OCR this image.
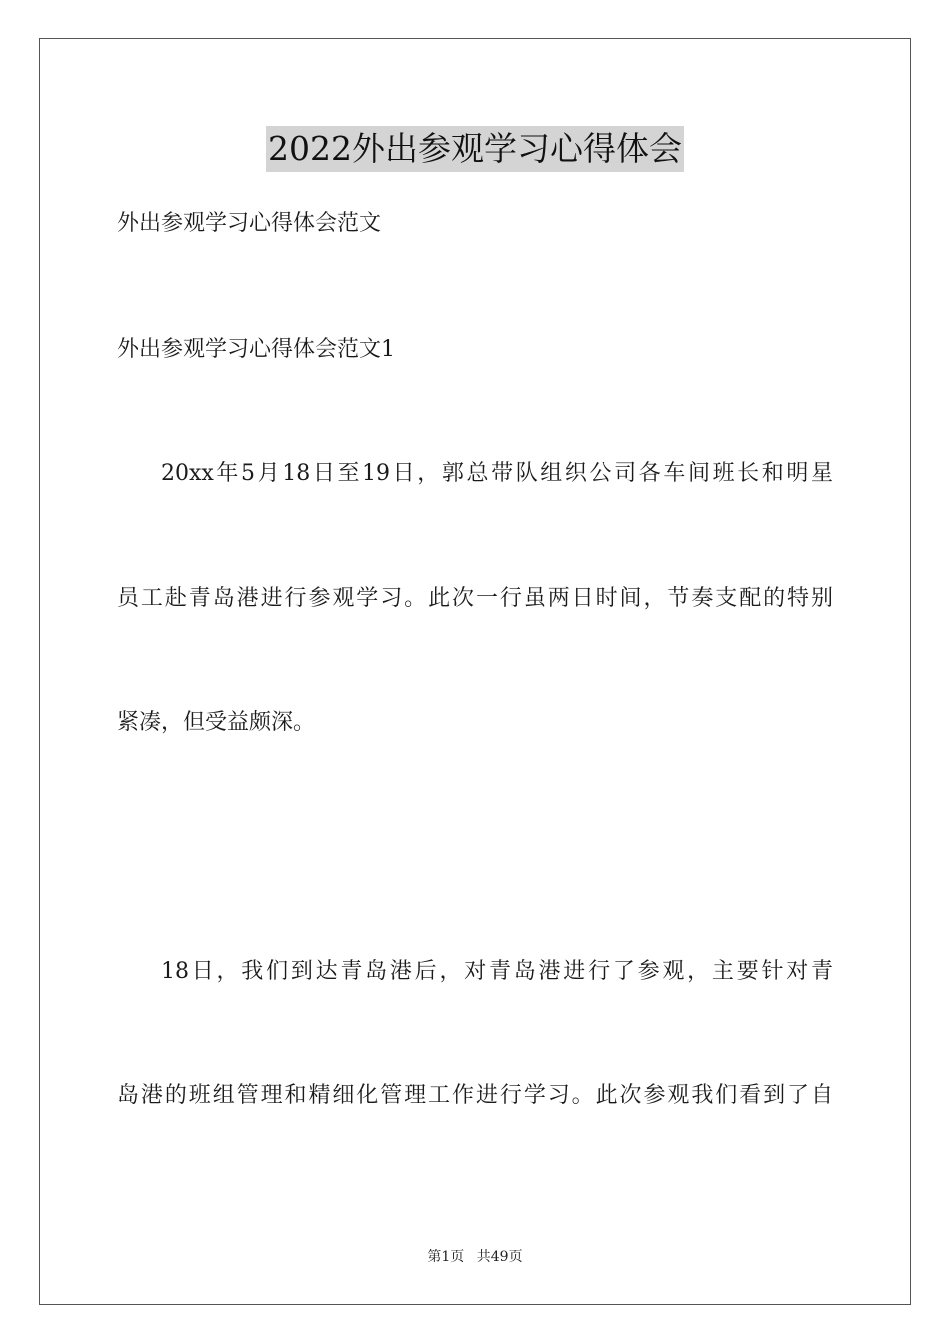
2022外出参观学习心得体会
外出参观学习心得体会范文
外出参观学习心得体会范文1
20xx年5月18日至19日，郭总带队组织公司各车间班长和明星
员工赴青岛港进行参观学习。此次一行虽两日时间，节奏支配的特别
紧凑，但受益颇深。
18日，我们到达青岛港后，对青岛港进行了参观，主要针对青
岛港的班组管理和精细化管理工作进行学习。此次参观我们看到了自
第1页 共49页
